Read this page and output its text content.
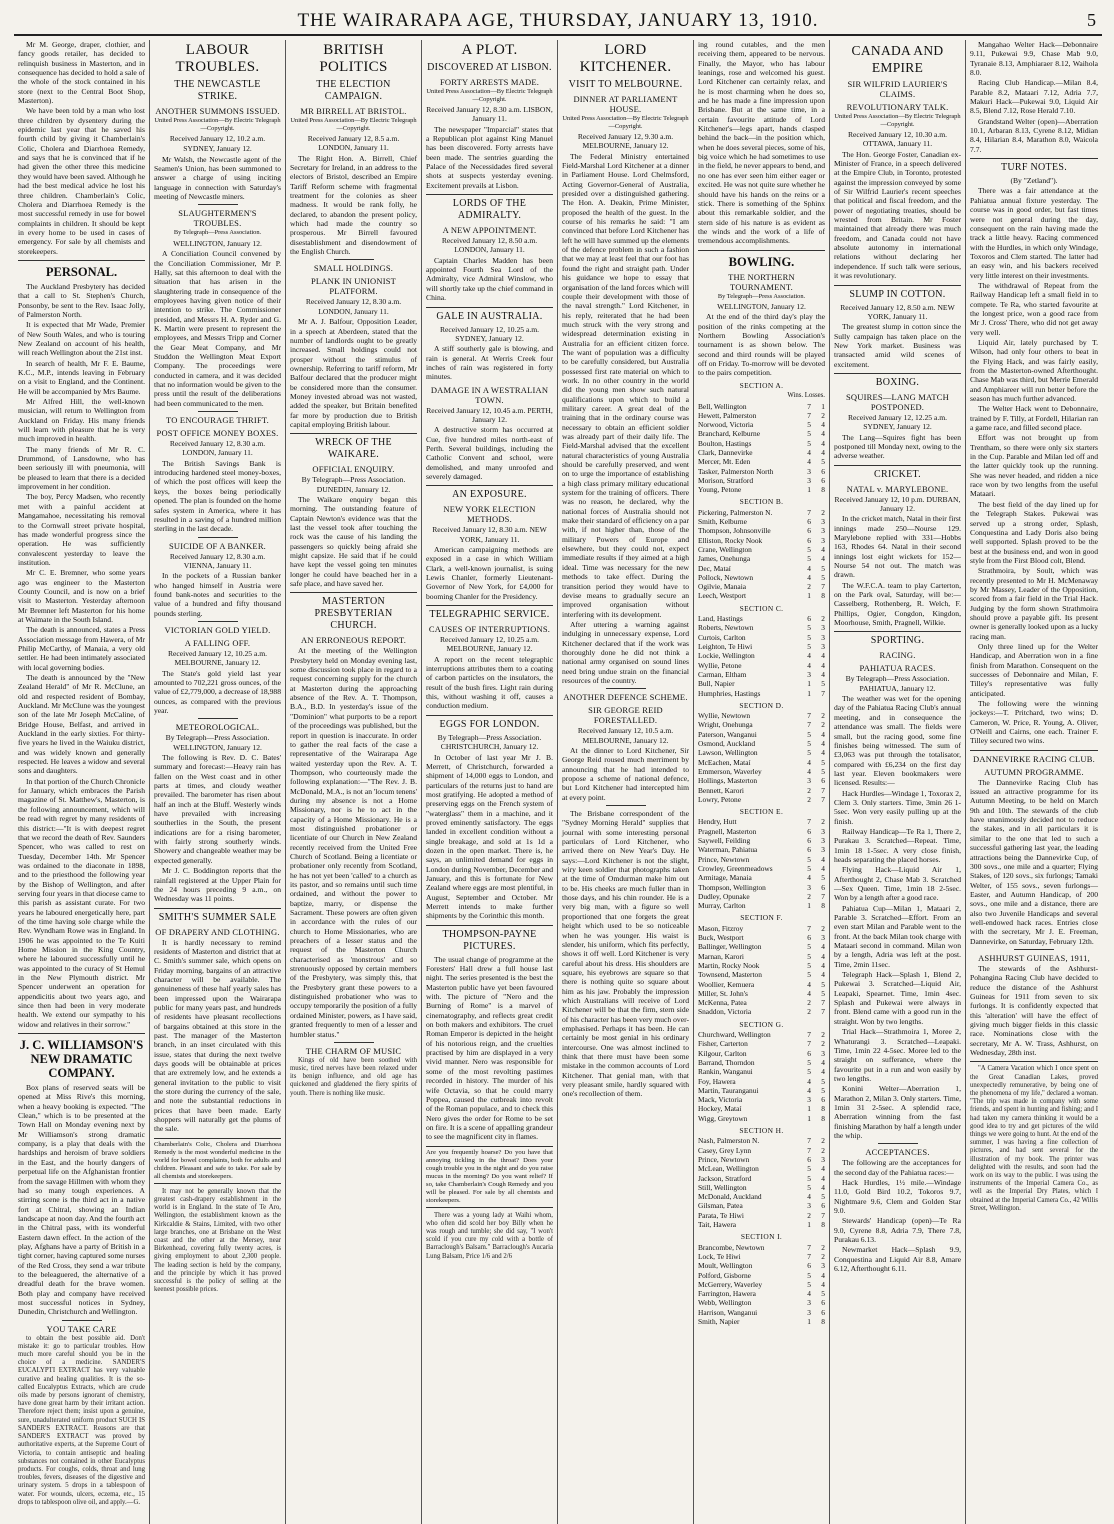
THE WAIRARAPA AGE, THURSDAY, JANUARY 13, 1910.	5

Mr M. George, draper, clothier, and fancy goods retailer, has decided to relinquish business in Masterton, and in consequence has decided to hold a sale of the whole of the stock contained in his store (next to the Central Boot Shop, Masterton).

We have been told by a man who lost three children by dysentery during the epidemic last year that he saved his fourth child by giving it Chamberlain's Colic, Cholera and Diarrhoea Remedy, and says that he is convinced that if he had given the other three this medicine they would have been saved. Although he had the best medical advice he lost his three children. Chamberlain's Colic, Cholera and Diarrhoea Remedy is the most successful remedy in use for bowel complaints in children. It should be kept in every home to be used in cases of emergency. For sale by all chemists and storekeepers.

PERSONAL.

The Auckland Presbytery has decided that a call to St. Stephen's Church, Ponsonby, be sent to the Rev. Isaac Jolly, of Palmerston North.

It is expected that Mr Wade, Premier of New South Wales, and who is touring New Zealand on account of his health, will reach Wellington about the 21st inst.

In search of health, Mr F. E. Baume, K.C., M.P., intends leaving in February on a visit to England, and the Continent. He will be accompanied by Mrs Baume.

Mr Alfred Hill, the well-known musician, will return to Wellington from Auckland on Friday. His many friends will learn with pleasure that he is very much improved in health.

The many friends of Mr R. C. Drummond, of Lansdowne, who has been seriously ill with pneumonia, will be pleased to learn that there is a decided improvement in her condition.

The boy, Percy Madsen, who recently met with a painful accident at Mangamahoe, necessitating his removal to the Cornwall street private hospital, has made wonderful progress since the operation. He was sufficiently convalescent yesterday to leave the institution.

Mr C. E. Bremner, who some years ago was engineer to the Masterton County Council, and is now on a brief visit to Masterton. Yesterday afternoon Mr Bremner left Masterton for his home at Waimate in the South Island.

The death is announced, states a Press Association message from Hawera, of Mr Philip McCarthy, of Manaia, a very old settler. He had been intimately associated with local governing bodies.

The death is announced by the "New Zealand Herald" of Mr R. McClune, an old and respected resident of Bombay, Auckland. Mr McClune was the youngest son of the late Mr Joseph McCaline, of Bridge House, Belfast, and arrived in Auckland in the early sixties. For thirty-five years he lived in the Waiuku district, and was widely known and generally respected. He leaves a widow and several sons and daughters.

In that portion of the Church Chronicle for January, which embraces the Parish magazine of St. Matthew's, Masterton, is the following announcement, which will be read with regret by many residents of this district:—"It is with deepest regret that we record the death of Rev. Saunders Spencer, who was called to rest on Tuesday, December 14th. Mr Spencer was ordained to the diaconate in 1898, and to the priesthood the following year by the Bishop of Wellington, and after serving four years in that diocese came to this parish as assistant curate. For two years he laboured energetically here, part of the time having sole charge while the Rev. Wyndham Rowe was in England. In 1906 he was appointed to the Te Kuiti Home Mission in the King Country, where he laboured successfully until he was appointed to the curacy of St Hemul in the New Plymouth district. Mr Spencer underwent an operation for appendicitis about two years ago, and since then had been in very moderate health. We extend our sympathy to his widow and relatives in their sorrow."

J. C. WILLIAMSON'S NEW DRAMATIC COMPANY.

Box plans of reserved seats will be opened at Miss Rive's this morning, when a heavy booking is expected. "The Clean," which is to be presented at the Town Hall on Monday evening next by Mr Williamson's strong dramatic company, is a play that deals with the hardships and heroism of brave soldiers in the East, and the hourly dangers of perpetual life on the Afghanistan frontier from the savage Hillmen with whom they had so many tough experiences. A stirring scene is the third act in a native fort at Chitral, showing an Indian landscape at noon day. And the fourth act in the Chitral pass, with its wonderful Eastern dawn effect. In the action of the play, Afghans have a party of British in a tight corner, having captured some nurses of the Red Cross, they send a war tribute to the beleaguered, the alternative of a dreadful death for the brave women. Both play and company have received most successful notices in Sydney, Dunedin, Christchurch and Wellington.

YOU TAKE CARE

to obtain the best possible aid. Don't mistake it: go to particular troubles. How much more careful should you be in the choice of a medicine. SANDER'S EUCALYPTI EXTRACT has very valuable curative and healing qualities. It is the so-called Eucalyptus Extracts, which are crude oils made by persons ignorant of chemistry, have done great harm by their irritant action. Therefore reject them; insist upon a genuine, sure, unadulterated uniform product SUCH IS SANDER'S EXTRACT. Reasons are that SANDER'S EXTRACT was proved by authoritative experts, at the Supreme Court of Victoria, to contain antiseptic and healing substances not contained in other Eucalyptus products. For coughs, colds, throat and lung troubles, fevers, diseases of the digestive and urinary system. 5 drops in a tablespoon of water. For wounds, ulcers, eczema, etc., 15 drops to tablespoon olive oil, and apply.—G.

LABOUR TROUBLES.
THE NEWCASTLE STRIKE.
ANOTHER SUMMONS ISSUED.
United Press Association—By Electric Telegraph—Copyright.
Received January 12, 10.2 a.m.
SYDNEY, January 12.

Mr Walsh, the Newcastle agent of the Seamen's Union, has been summoned to answer a charge of using inciting language in connection with Saturday's meeting of Newcastle miners.

SLAUGHTERMEN'S TROUBLES.
By Telegraph—Press Association.
WELLINGTON, January 12.

A Conciliation Council convened by the Conciliation Commissioner, Mr P. Hally, sat this afternoon to deal with the situation that has arisen in the slaughtering trade in consequence of the employees having given notice of their intention to strike. The Commissioner presided, and Messrs H. A. Ryder and G. K. Martin were present to represent the employees, and Messrs Tripp and Corner the Gear Meat Company, and Mr Studdon the Wellington Meat Export Company. The proceedings were conducted in camera, and it was decided that no information would be given to the press until the result of the deliberations had been communicated to the men.

TO ENCOURAGE THRIFT.
POST OFFICE MONEY BOXES.
Received January 12, 8.30 a.m. LONDON, January 11.

The British Savings Bank is introducing hardened steel money-boxes, of which the post offices will keep the keys, the boxes being periodically opened. The plan is founded on the home safes system in America, where it has resulted in a saving of a hundred million sterling in the last decade.

SUICIDE OF A BANKER.
Received January 12, 8.30 a.m. VIENNA, January 11.

In the pockets of a Russian banker who hanged himself in Austria were found bank-notes and securities to the value of a hundred and fifty thousand pounds sterling.

VICTORIAN GOLD YIELD.
A FALLING OFF.
Received January 12, 10.25 a.m. MELBOURNE, January 12.

The State's gold yield last year amounted to 702,221 gross ounces, of the value of £2,779,000, a decrease of 18,988 ounces, as compared with the previous year.

METEOROLOGICAL.
By Telegraph—Press Association. WELLINGTON, January 12.

The following is Rev. D. C. Bates' summary and forecast:—Heavy rain has fallen on the West coast and in other parts at times, and cloudy weather prevailed. The barometer has risen about half an inch at the Bluff. Westerly winds have prevailed with increasing southerlies in the South, the present indications are for a rising barometer, with fairly strong southerly winds. Showery and changeable weather may be expected generally.

Mr J. C. Boddington reports that the rainfall registered at the Upper Plain for the 24 hours preceding 9 a.m., on Wednesday was 11 points.

SMITH'S SUMMER SALE
OF DRAPERY AND CLOTHING.

It is hardly necessary to remind residents of Masterton and district that at C. Smith's summer sale, which opens on Friday morning, bargains of an attractive character will be available. The genuineness of these half yearly sales has been impressed upon the Wairarapa public for many years past, and hundreds of residents have pleasant recollections of bargains obtained at this store in the past. The manager of the Masterton branch, in an inset circulated with this issue, states that during the next twelve days goods will be obtainable at prices that are extremely low, and he extends a general invitation to the public to visit the store during the currency of the sale, and note the substantial reductions in prices that have been made. Early shoppers will naturally get the plums of the sale.

Chamberlain's Colic, Cholera and Diarrhoea Remedy is the most wonderful medicine in the world for bowel complaints, both for adults and children. Pleasant and safe to take. For sale by all chemists and storekeepers.

It may not be generally known that the greatest cash-drapery establishment in the world is in England. In the state of Te Aro, Wellington, the establishment known as the Kirkcaldie & Stains, Limited, with two other large branches, one at Brisbane on the West coast and the other at the Mersey, near Birkenhead, covering fully twenty acres, is giving employment to about 2,300 people. The leading section is held by the company, and the principle by which it has proved successful is the policy of selling at the keenest possible prices.

BRITISH POLITICS
THE ELECTION CAMPAIGN.
MR BIRRELL AT BRISTOL.
United Press Association—By Electric Telegraph—Copyright.
Received January 12, 8.5 a.m. LONDON, January 11.

The Right Hon. A. Birrell, Chief Secretary for Ireland, in an address to the electors of Bristol, described an Empire Tariff Reform scheme with fragmental treatment for the colonies as sheer madness. It would be rank folly, he declared, to abandon the present policy, which had made the country so prosperous. Mr Birrell favoured disestablishment and disendowment of the English Church.

SMALL HOLDINGS.
PLANK IN UNIONIST PLATFORM.
Received January 12, 8.30 a.m. LONDON, January 11.

Mr A. J. Balfour, Opposition Leader, in a speech at Aberdeen, stated that the number of landlords ought to be greatly increased. Small holdings could not prosper without the stimulus of ownership. Referring to tariff reform, Mr Balfour declared that the producer might be considered more than the consumer. Money invested abroad was not wasted, added the speaker, but Britain benefited far more by production due to British capital employing British labour.

WRECK OF THE WAIKARE.
OFFICIAL ENQUIRY.
By Telegraph—Press Association. DUNEDIN, January 12.

The Waikare enquiry began this morning. The outstanding feature of Captain Newton's evidence was that the last the vessel took after touching the rock was the cause of his landing the passengers so quickly being afraid she might capsize. He said that if he could have kept the vessel going ten minutes longer he could have beached her in a safe place, and have saved her.

MASTERTON PRESBYTERIAN CHURCH.
AN ERRONEOUS REPORT.

At the meeting of the Wellington Presbytery held on Monday evening last, some discussion took place in regard to a request concerning supply for the church at Masterton during the approaching absence of the Rev. A. T. Thompson, B.A., B.D. In yesterday's issue of the "Dominion" what purports to be a report of the proceedings was published, but the report in question is inaccurate. In order to gather the real facts of the case a representative of the Wairarapa Age waited yesterday upon the Rev. A. T. Thompson, who courteously made the following explanation:—"The Rev. J. B. McDonald, M.A., is not an 'locum tenens' during my absence is not a Home Missionary, nor is he to act in the capacity of a Home Missionary. He is a most distinguished probationer or licentiate of our Church in New Zealand recently received from the United Free Church of Scotland. Being a licentiate or probationer only recently from Scotland, he has not yet been 'called' to a church as its pastor, and so remains until such time ordained, and without the power to baptize, marry, or dispense the Sacrament. These powers are often given in accordance with the rules of our church to Home Missionaries, who are preachers of a lesser status and the request of the Masterton Church characterised as 'monstrous' and so strenuously opposed by certain members of the Presbytery, was simply this, that the Presbytery grant these powers to a distinguished probationer who was to occupy temporarily the position of a fully ordained Minister, powers, as I have said, granted frequently to men of a lesser and humbler status."

THE CHARM OF MUSIC

Kings of old have been soothed with music, tired nerves have been relaxed under its benign influence, and old age has quickened and gladdened the fiery spirits of youth. There is nothing like music.

A PLOT.
DISCOVERED AT LISBON.
FORTY ARRESTS MADE.
United Press Association—By Electric Telegraph—Copyright.
Received January 12, 8.30 a.m. LISBON, January 11.

The newspaper "Imparcial" states that a Republican plot against King Manuel has been discovered. Forty arrests have been made. The sentries guarding the Palace of the Necessidades fired several shots at suspects yesterday evening. Excitement prevails at Lisbon.

LORDS OF THE ADMIRALTY.
A NEW APPOINTMENT.
Received January 12, 8.50 a.m. LONDON, January 11.

Captain Charles Madden has been appointed Fourth Sea Lord of the Admiralty, vice Admiral Winslow, who will shortly take up the chief command in China.

GALE IN AUSTRALIA.
Received January 12, 10.25 a.m. SYDNEY, January 12.

A stiff southerly gale is blowing, and rain is general. At Werris Creek four inches of rain was registered in forty minutes.

DAMAGE IN A WESTRALIAN TOWN.
Received January 12, 10.45 a.m. PERTH, January 12.

A destructive storm has occurred at Cue, five hundred miles north-east of Perth. Several buildings, including the Catholic Convent and school, were demolished, and many unroofed and severely damaged.

AN EXPOSURE.
NEW YORK ELECTION METHODS.
Received January 12, 8.30 a.m. NEW YORK, January 11.

American campaigning methods are exposed in a case in which William Clark, a well-known journalist, is suing Lewis Chanler, formerly Lieutenant-Governor of New York, for £4,000 for booming Chanler for the Presidency.

TELEGRAPHIC SERVICE.
CAUSES OF INTERRUPTIONS.
Received January 12, 10.25 a.m. MELBOURNE, January 12.

A report on the recent telegraphic interruptions attributes them to a coating of carbon particles on the insulators, the result of the bush fires. Light rain during this, without washing it off, causes a conduction medium.

EGGS FOR LONDON.
By Telegraph—Press Association. CHRISTCHURCH, January 12.

In October of last year Mr J. B. Merrett, of Christchurch, forwarded a shipment of 14,000 eggs to London, and particulars of the returns just to hand are most gratifying. He adopted a method of preserving eggs on the French system of "waterglass" them in a machine, and it proved eminently satisfactory. The eggs landed in excellent condition without a single breakage, and sold at 1s 1d a dozen in the open market. There is, he says, an unlimited demand for eggs in London during November, December and January, and this is fortunate for New Zealand where eggs are most plentiful, in August, September and October. Mr Merrett intends to make further shipments by the Corinthic this month.

THOMPSON-PAYNE PICTURES.

The usual change of programme at the Foresters' Hall drew a full house last night. The series presented is the best the Masterton public have yet been favoured with. The picture of "Nero and the Burning of Rome" is a marvel of cinematography, and reflects great credit on both makers and exhibitors. The cruel Roman Emperor is depicted in the height of his notorious reign, and the cruelties practised by him are displayed in a very vivid manner. Nero was responsible for some of the most revolting pastimes recorded in history. The murder of his wife Octavia, so that he could marry Poppea, caused the cutbreak into revolt of the Roman populace, and to check this Nero gives the order for Rome to be set on fire. It is a scene of appalling grandeur to see the magnificent city in flames.

Are you frequently hoarse? Do you have that annoying tickling in the throat? Does your cough trouble you in the night and do you raise mucus in the morning? Do you want relief? If so, take Chamberlain's Cough Remedy and you will be pleased. For sale by all chemists and storekeepers.

There was a young lady at Waihi whom, who often did scold her boy Billy when he was rough and tumble; she did say, "I won't scold if you cure my cold with a bottle of Barraclough's Balsam." Barraclough's Aucaria Lung Balsam, Price 1/6 and 2/6

LORD KITCHENER.
VISIT TO MELBOURNE.
DINNER AT PARLIAMENT HOUSE.
United Press Association—By Electric Telegraph—Copyright.
Received January 12, 9.30 a.m. MELBOURNE, January 12.

The Federal Ministry entertained Field-Marshal Lord Kitchener at a dinner in Parliament House. Lord Chelmsford, Acting Governor-General of Australia, presided over a distinguished gathering. The Hon. A. Deakin, Prime Minister, proposed the health of the guest. In the course of his remarks he said: "I am convinced that before Lord Kitchener has left he will have summed up the elements of the defence problem in such a fashion that we may at least feel that our foot has found the right and straight path. Under his guidance we hope to essay that organisation of the land forces which will couple their development with those of the naval strength." Lord Kitchener, in his reply, reiterated that he had been much struck with the very strong and widespread determination existing in Australia for an efficient citizen force. The want of population was a difficulty to be carefully considered, but Australia possessed first rate material on which to work. In no other country in the world did the young men show such natural qualifications upon which to build a military career. A great deal of the training that in the ordinary course was necessary to obtain an efficient soldier was already part of their daily life. The Field-Marshal advised that the excellent natural characteristics of young Australia should be carefully preserved, and went on to urge the importance of establishing a high class primary military educational system for the training of officers. There was no reason, he declared, why the national forces of Australia should not make their standard of efficiency on a par with, if not higher than, those of the military Powers of Europe and elsewhere, but they could not, expect immediate results if they aimed at a high ideal. Time was necessary for the new methods to take effect. During the transition period they would have to devise means to gradually secure an improved organisation without interfering with its development.

After uttering a warning against indulging in unnecessary expense, Lord Kitchener declared that if the work was thoroughly done he did not think a national army organised on sound lines need bring undue strain on the financial resources of the country.

ANOTHER DEFENCE SCHEME.
SIR GEORGE REID FORESTALLED.
Received January 12, 10.5 a.m. MELBOURNE, January 12.

At the dinner to Lord Kitchener, Sir George Reid roused much merriment by announcing that he had intended to propose a scheme of national defence, but Lord Kitchener had intercepted him at every point.

The Brisbane correspondent of the "Sydney Morning Herald" supplies that journal with some interesting personal particulars of Lord Kitchener, who arrived there on New Year's Day. He says:—Lord Kitchener is not the slight, wiry keen soldier that photographs taken at the time of Omdurman make him out to be. His cheeks are much fuller than in those days, and his chin rounder. He is a very big man, with a figure so well proportioned that one forgets the great height which used to be so noticeable when he was younger. His waist is slender, his uniform, which fits perfectly, shows it off well. Lord Kitchener is very careful about his dress. His shoulders are square, his eyebrows are square so that there is nothing quite so square about him as his jaw. Probably the impression which Australians will receive of Lord Kitchener will be that the firm, stern side of his character has been very much over-emphasised. Perhaps it has been. He can certainly be most genial in his ordinary intercourse. One was almost inclined to think that there must have been some mistake in the common accounts of Lord Kitchener. That genial man, with that very pleasant smile, hardly squared with one's recollection of them.

ing round cutables, and the men receiving them, appeared to be nervous. Finally, the Mayor, who has labour leanings, rose and welcomed his guest. Lord Kitchener can certainly relax, and he is most charming when he does so, and he has made a fine impression upon Brisbane. But at the same time, in a certain favourite attitude of Lord Kitchener's—legs apart, hands clasped behind the back—in the position which, when he does several pieces, some of his, big voice which he had sometimes to use in the field, he never appears to bend, and no one has ever seen him either eager or excited. He was not quite sure whether he should have his hands on the reins or a stick. There is something of the Sphinx about this remarkable soldier, and the stern side of his nature is as evident as the winds and the work of a life of tremendous accomplishments.

BOWLING.
THE NORTHERN TOURNAMENT.
By Telegraph—Press Association.
WELLINGTON, January 12.

At the end of the third day's play the position of the rinks competing at the Northern Bowling Association's tournament is as shown below. The second and third rounds will be played off on Friday. To-morrow will be devoted to the pairs competition.

SECTION A.
Wins. Losses.
Bell, Wellington	7	1
Hewett, Palmerston	7	2
Norwood, Victoria	5	4
Branchard, Kelburne	5	4
Boulton, Hastings	5	4
Clark, Dannevirke	4	4
Mercer, Mt. Eden	4	5
Tasker, Palmerston North	3	6
Morison, Stratford	3	6
Young, Petone	1	8
SECTION B.
Pickering, Palmerston N.	7	2
Smith, Kelburne	6	3
Thompson, Johnsonville	6	3
Elliston, Rocky Nook	6	3
Crane, Wellington	5	4
James, Onehunga	5	4
Dec, Mataí	4	5
Pollock, Newtown	4	5
Ogilvie, Manaia	2	7
Leech, Westport	1	8
SECTION C.
Land, Hastings	6	2
Roberts, Newtown	5	3
Curtois, Carlton	5	3
Leighton, Te Hiwi	5	3
Lockie, Wellington	4	4
Wyllie, Petone	4	4
Carman, Eltham	3	4
Bull, Napier	1	5
Humphries, Hastings	1	7
SECTION D.
Wyllie, Newtown	7	2
Wright, Onehunga	7	2
Paterson, Wanganui	5	4
Osmond, Auckland	5	4
Lawson, Wellington	5	4
McEachen, Mataí	4	5
Emmerson, Waverley	4	5
Hollings, Masterton	3	6
Bennett, Karori	2	7
Lowry, Petone	2	7
SECTION E.
Hendry, Hutt	7	2
Pragnell, Masterton	6	3
Saywell, Feilding	6	3
Waterman, Pahiatua	6	3
Prince, Newtown	5	4
Crowley, Greenmeadows	5	4
Armitage, Manaia	4	5
Thompson, Wellington	3	6
Dudley, Opunake	2	7
Murray, Carlton	1	8
SECTION F.
Mason, Fitzroy	7	2
Buck, Westport	6	3
Ballinger, Wellington	5	4
Marnan, Karori	5	4
Martin, Rocky Nook	5	4
Townsend, Masterton	5	4
Woollier, Kemuera	4	5
Miller, St. John's	4	5
McKenna, Patea	2	7
Snaddon, Victoria	2	7
SECTION G.
Churchward, Wellington	7	2
Fisher, Carterton	7	2
Kilgour, Carlton	6	3
Barrand, Thorndon	5	4
Rankin, Wanganui	5	4
Foy, Hawera	4	5
Martin, Tauranganui	4	5
Mack, Victoria	3	6
Hockey, Mataí	1	8
Wigg, Greytown	1	8
SECTION H.
Nash, Palmerston N.	7	2
Casey, Grey Lynn	7	2
Prince, Newtown	6	3
McLean, Wellington	5	4
Jackson, Stratford	5	4
Still, Wellington	5	4
McDonald, Auckland	4	5
Gilsman, Patea	3	6
Parata, Te Hiwi	2	7
Tait, Hawera	1	8
SECTION I.
Brancombe, Newtown	7	2
Lock, Te Hiwi	7	2
Moult, Wellington	6	3
Polford, Gisborne	5	4
McGerrery, Waverley	5	4
Farrington, Hawera	4	5
Webb, Wellington	3	6
Harrison, Wanganui	3	6
Smith, Napier	1	8
CANADA AND EMPIRE
SIR WILFRID LAURIER'S CLAIMS.
REVOLUTIONARY TALK.
United Press Association—By Electric Telegraph—Copyright.
Received January 12, 10.30 a.m. OTTAWA, January 11.

The Hon. George Foster, Canadian ex-Minister of France, in a speech delivered at the Empire Club, in Toronto, protested against the impression conveyed by some of Sir Wilfrid Laurier's recent speeches that political and fiscal freedom, and the power of negotiating treaties, should be wrested from Britain. Mr Foster maintained that already there was much freedom, and Canada could not have absolute autonomy in international relations without declaring her independence. If such talk were serious, it was revolutionary.

SLUMP IN COTTON.
Received January 12, 8.50 a.m. NEW YORK, January 11.

The greatest slump in cotton since the Sully campaign has taken place on the New York market. Business was transacted amid wild scenes of excitement.

BOXING.
SQUIRES—LANG MATCH POSTPONED.
Received January 12, 12.25 a.m. SYDNEY, January 12.

The Lang—Squires fight has been postponed till Monday next, owing to the adverse weather.

CRICKET.
NATAL v. MARYLEBONE.
Received January 12, 10 p.m. DURBAN, January 12.

In the cricket match, Natal in their first innings made 250—Nourse 129. Marylebone replied with 331—Hobbs 163, Rhodes 64. Natal in their second innings lost eight wickets for 152—Nourse 54 not out. The match was drawn.

The W.F.C.A. team to play Carterton, on the Park oval, Saturday, will be:—Casselberg, Rothenberg, R. Welch, F. Phillips, Ogier, Congdon, Kingdon, Moorhouse, Smith, Pragnell, Wilkie.

SPORTING.
RACING.
PAHIATUA RACES.
By Telegraph—Press Association. PAHIATUA, January 12.

The weather was wet for the opening day of the Pahiatua Racing Club's annual meeting, and in consequence the attendance was small. The fields were small, but the racing good, some fine finishes being witnessed. The sum of £3,063 was put through the totalisator, compared with £6,234 on the first day last year. Eleven bookmakers were licensed. Results:—

Hack Hurdles—Windage 1, Toxorax 2, Clem 3. Only starters. Time, 3min 26 1-5sec. Won very easily pulling up at the finish.

Railway Handicap—Te Ra 1, There 2, Purakau 3. Scratched—Repeat. Time, 1min 18 1-5sec. A very close finish, heads separating the placed horses.

Flying Hack—Liquid Air 1, Afterthought 2, Chase Mab 3. Scratched—Sex Queen. Time, 1min 18 2-5sec. Won by a length after a good race.

Pahiatua Cup—Milan 1, Mataari 2, Parable 3. Scratched—Effort. From an even start Milan and Parable went to the front. At the back Milan took charge with Mataari second in command. Milan won by a length, Adria was left at the post. Time, 2min 11sec.

Telegraph Hack—Splash 1, Blend 2, Pukewai 3. Scratched—Liquid Air, Leapaki, Spearnet. Time, 1min 4sec. Splash and Pukewai were always in front. Blend came with a good run in the straight. Won by two lengths.

Trial Hack—Strathmoira 1, Moree 2, Whaturangi 3. Scratched—Leapaki. Time, 1min 22 4-5sec. Moree led to the straight on sufferance, where the favourite put in a run and won easily by two lengths.

Konini Welter—Aberration 1, Marathon 2, Milan 3. Only starters. Time, 1min 31 2-5sec. A splendid race, Aberration winning from the fast finishing Marathon by half a length under the whip.

ACCEPTANCES.

The following are the acceptances for the second day of the Pahiatua races:—

Hack Hurdles, 1½ mile.—Windage 11.0, Gold Bird 10.2, Tokoros 9.7, Nightmare 9.6, Clem and Golden Star 9.0.

Stewards' Handicap (open)—Te Ra 9.0, Cyrene 8.8, Adria 7.9, There 7.8, Purakau 6.13.

Newmarket Hack—Splash 9.9, Conquestina and Liquid Air 8.8, Amare 6.12, Afterthought 6.11.

Mangahao Welter Hack—Debonnaire 9.11, Pukewai 9.9, Chase Mab 9.0, Tyranaie 8.13, Amphiaraer 8.12, Waihola 8.0.

Racing Club Handicap.—Milan 8.4, Parable 8.2, Mataari 7.12, Adria 7.7, Makuri Hack—Pukewai 9.0, Liquid Air 8.5, Blend 7.12, Rose Herald 7.10.

Grandstand Welter (open)—Aberration 10.1, Arbaran 8.13, Cyrene 8.12, Midian 8.4, Hilarian 8.4, Marathon 8.0, Waicola 7.7.

TURF NOTES.
(By "Zetland").

There was a fair attendance at the Pahiatua annual fixture yesterday. The course was in good order, but fast times were not general during the day, consequent on the rain having made the track a little heavy. Racing commenced with the Hurdles, in which only Windage, Toxoros and Clem started. The latter had an easy win, and his backers received very little interest on their investments.

The withdrawal of Repeat from the Railway Handicap left a small field in to compete. Te Ra, who started favourite at the longest price, won a good race from Mr J. Cross' There, who did not get away very well.

Liquid Air, lately purchased by T. Wilson, had only four others to beat in the Flying Hack, and was fairly easily, from the Masterton-owned Afterthought. Chase Mab was third, but Merrie Emerald and Amphiareer will run better before the season has much further advanced.

The Welter Hack went to Debonnaire, trained by F. Tilly, at Fordell, Hilarian ran a game race, and filled second place.

Effort was not brought up from Trentham, so there were only six starters in the Cup. Parable and Milan led off and the latter quickly took up the running. She was never headed, and ridden a nice race won by two lengths from the useful Mataari.

The best field of the day lined up for the Telegraph Stakes. Pukewai was served up a strong order, Splash, Conquestina and Lady Doris also being well supported. Splash proved to be the best at the business end, and won in good style from the First Blood colt, Blend.

Strathmoira, by Soult, which was recently presented to Mr H. McMenaway by Mr Massey, Leader of the Opposition, scored from a fair field in the Trial Hack. Judging by the form shown Strathmoira should prove a payable gift. Its present owner is generally looked upon as a lucky racing man.

Only three lined up for the Welter Handicap, and Aberration won in a fine finish from Marathon. Consequent on the successes of Debonnaire and Milan, F. Tilley's representative was fully anticipated.

The following were the winning jockeys:—T. Pritchard, two wins; D. Cameron, W. Price, R. Young, A. Oliver, O'Neill and Cairns, one each. Trainer F. Tilley secured two wins.

DANNEVIRKE RACING CLUB.
AUTUMN PROGRAMME.

The Dannevirke Racing Club has issued an attractive programme for its Autumn Meeting, to be held on March 9th and 10th. The stewards of the club have unanimously decided not to reduce the stakes, and in all particulars it is similar to the one that led to such a successful gathering last year, the leading attractions being the Dannevirke Cup, of 300 sovs., one mile and a quarter; Flying Stakes, of 120 sovs., six furlongs; Tamaki Welter, of 155 sovs., seven furlongs—Easter, and Autumn Handicap, of 200 sovs., one mile and a distance, there are also two Juvenile Handicaps and several well-endowed hack races. Entries close with the secretary, Mr J. E. Freeman, Dannevirke, on Saturday, February 12th.

ASHHURST GUINEAS, 1911,

The stewards of the Ashhurst-Pohangina Racing Club have decided to reduce the distance of the Ashhurst Guineas for 1911 from seven to six furlongs. It is confidently expected that this 'alteration' will have the effect of giving much bigger fields in this classic race. Nominations close with the secretary, Mr A. W. Trass, Ashhurst, on Wednesday, 28th inst.

"A Camera Vacation which I once spent on the Great Canadian Lakes, proved unexpectedly remunerative, by being one of the phenomena of my life," declared a woman. "The trip was made in company with some friends, and spent in hunting and fishing; and I had taken my camera thinking it would be a good idea to try and get pictures of the wild things we were going to hunt. At the end of the summer, I was having a fine collection of pictures, and had sent several for the illustration of my book. The printer was delighted with the results, and soon had the work on its way to the public. I was using the instruments of the Imperial Camera Co., as well as the Imperial Dry Plates, which I obtained at the Imperial Camera Co., 42 Willis Street, Wellington.
